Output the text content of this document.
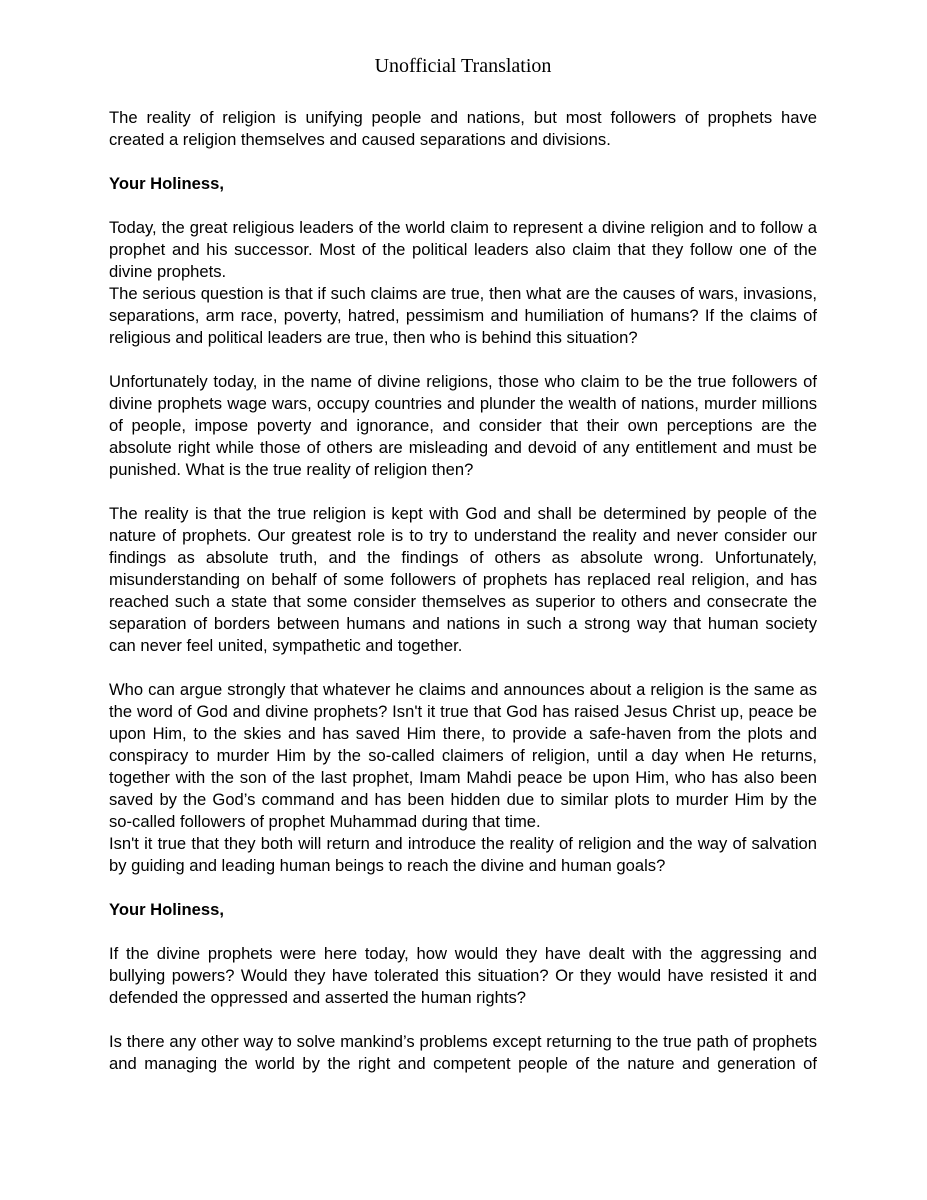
Unofficial Translation

The reality of religion is unifying people and nations, but most followers of prophets have created a religion themselves and caused separations and divisions.

Your Holiness,

Today, the great religious leaders of the world claim to represent a divine religion and to follow a prophet and his successor. Most of the political leaders also claim that they follow one of the divine prophets.

The serious question is that if such claims are true, then what are the causes of wars, invasions, separations, arm race, poverty, hatred, pessimism and humiliation of humans? If the claims of religious and political leaders are true, then who is behind this situation?

Unfortunately today, in the name of divine religions, those who claim to be the true followers of divine prophets wage wars, occupy countries and plunder the wealth of nations, murder millions of people, impose poverty and ignorance, and consider that their own perceptions are the absolute right while those of others are misleading and devoid of any entitlement and must be punished. What is the true reality of religion then?

The reality is that the true religion is kept with God and shall be determined by people of the nature of prophets. Our greatest role is to try to understand the reality and never consider our findings as absolute truth, and the findings of others as absolute wrong. Unfortunately, misunderstanding on behalf of some followers of prophets has replaced real religion, and has reached such a state that some consider themselves as superior to others and consecrate the separation of borders between humans and nations in such a strong way that human society can never feel united, sympathetic and together.

Who can argue strongly that whatever he claims and announces about a religion is the same as the word of God and divine prophets? Isn't it true that God has raised Jesus Christ up, peace be upon Him, to the skies and has saved Him there, to provide a safe-haven from the plots and conspiracy to murder Him by the so-called claimers of religion, until a day when He returns, together with the son of the last prophet, Imam Mahdi peace be upon Him, who has also been saved by the God’s command and has been hidden due to similar plots to murder Him by the so-called followers of prophet Muhammad during that time.

Isn't it true that they both will return and introduce the reality of religion and the way of salvation by guiding and leading human beings to reach the divine and human goals?

Your Holiness,

If the divine prophets were here today, how would they have dealt with the aggressing and bullying powers? Would they have tolerated this situation? Or they would have resisted it and defended the oppressed and asserted the human rights?

Is there any other way to solve mankind’s problems except returning to the true path of prophets and managing the world by the right and competent people of the nature and generation of
